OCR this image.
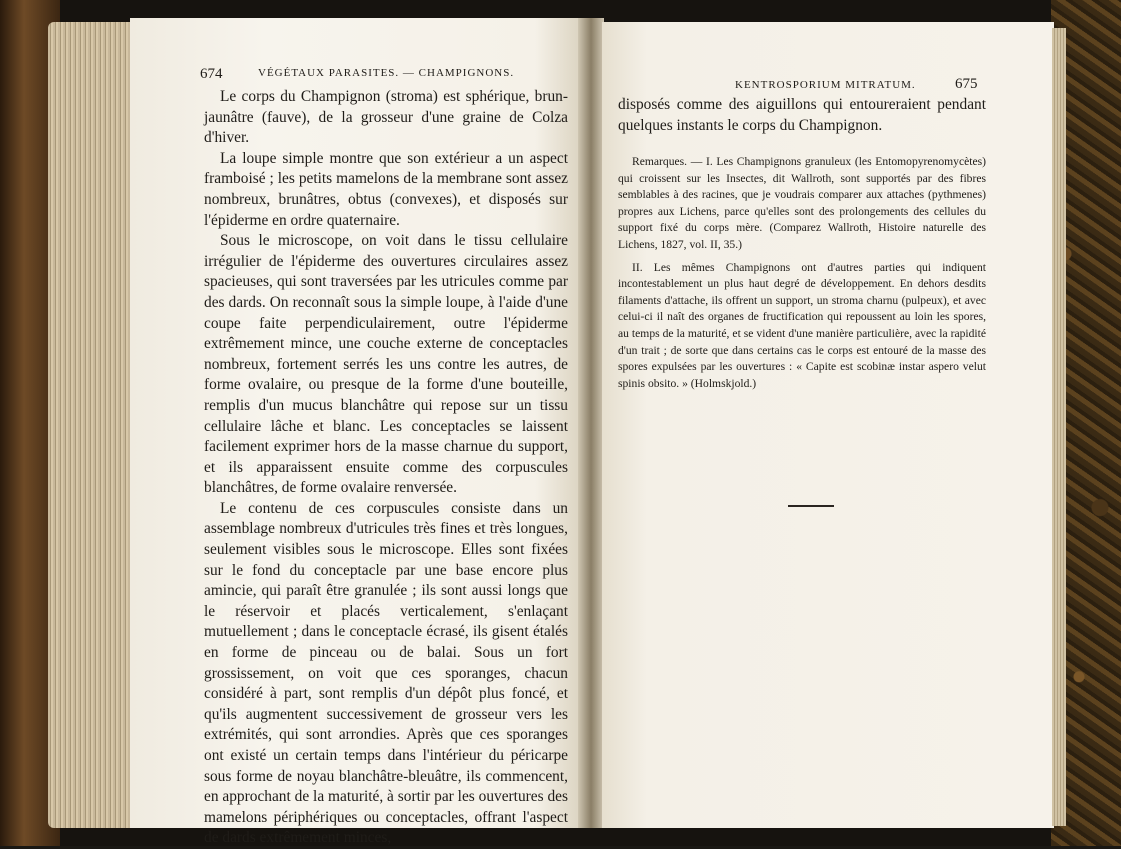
674	VÉGÉTAUX PARASITES. — CHAMPIGNONS.

Le corps du Champignon (stroma) est sphérique, brun-jaunâtre (fauve), de la grosseur d'une graine de Colza d'hiver.

La loupe simple montre que son extérieur a un aspect framboisé ; les petits mamelons de la membrane sont assez nombreux, brunâtres, obtus (convexes), et disposés sur l'épiderme en ordre quaternaire.

Sous le microscope, on voit dans le tissu cellulaire irrégulier de l'épiderme des ouvertures circulaires assez spacieuses, qui sont traversées par les utricules comme par des dards. On reconnaît sous la simple loupe, à l'aide d'une coupe faite perpendiculairement, outre l'épiderme extrêmement mince, une couche externe de conceptacles nombreux, fortement serrés les uns contre les autres, de forme ovalaire, ou presque de la forme d'une bouteille, remplis d'un mucus blanchâtre qui repose sur un tissu cellulaire lâche et blanc. Les conceptacles se laissent facilement exprimer hors de la masse charnue du support, et ils apparaissent ensuite comme des corpuscules blanchâtres, de forme ovalaire renversée.

Le contenu de ces corpuscules consiste dans un assemblage nombreux d'utricules très fines et très longues, seulement visibles sous le microscope. Elles sont fixées sur le fond du conceptacle par une base encore plus amincie, qui paraît être granulée ; ils sont aussi longs que le réservoir et placés verticalement, s'enlaçant mutuellement ; dans le conceptacle écrasé, ils gisent étalés en forme de pinceau ou de balai. Sous un fort grossissement, on voit que ces sporanges, chacun considéré à part, sont remplis d'un dépôt plus foncé, et qu'ils augmentent successivement de grosseur vers les extrémités, qui sont arrondies. Après que ces sporanges ont existé un certain temps dans l'intérieur du péricarpe sous forme de noyau blanchâtre-bleuâtre, ils commencent, en approchant de la maturité, à sortir par les ouvertures des mamelons périphériques ou conceptacles, offrant l'aspect de dards extrêmement minces,

KENTROSPORIUM MITRATUM.	675

disposés comme des aiguillons qui entoureraient pendant quelques instants le corps du Champignon.

Remarques. — I. Les Champignons granuleux (les Entomopyrenomycètes) qui croissent sur les Insectes, dit Wallroth, sont supportés par des fibres semblables à des racines, que je voudrais comparer aux attaches (pythmenes) propres aux Lichens, parce qu'elles sont des prolongements des cellules du support fixé du corps mère. (Comparez Wallroth, Histoire naturelle des Lichens, 1827, vol. II, 35.)

II. Les mêmes Champignons ont d'autres parties qui indiquent incontestablement un plus haut degré de développement. En dehors desdits filaments d'attache, ils offrent un support, un stroma charnu (pulpeux), et avec celui-ci il naît des organes de fructification qui repoussent au loin les spores, au temps de la maturité, et se vident d'une manière particulière, avec la rapidité d'un trait ; de sorte que dans certains cas le corps est entouré de la masse des spores expulsées par les ouvertures : « Capite est scobinæ instar aspero velut spinis obsito. » (Holmskjold.)
